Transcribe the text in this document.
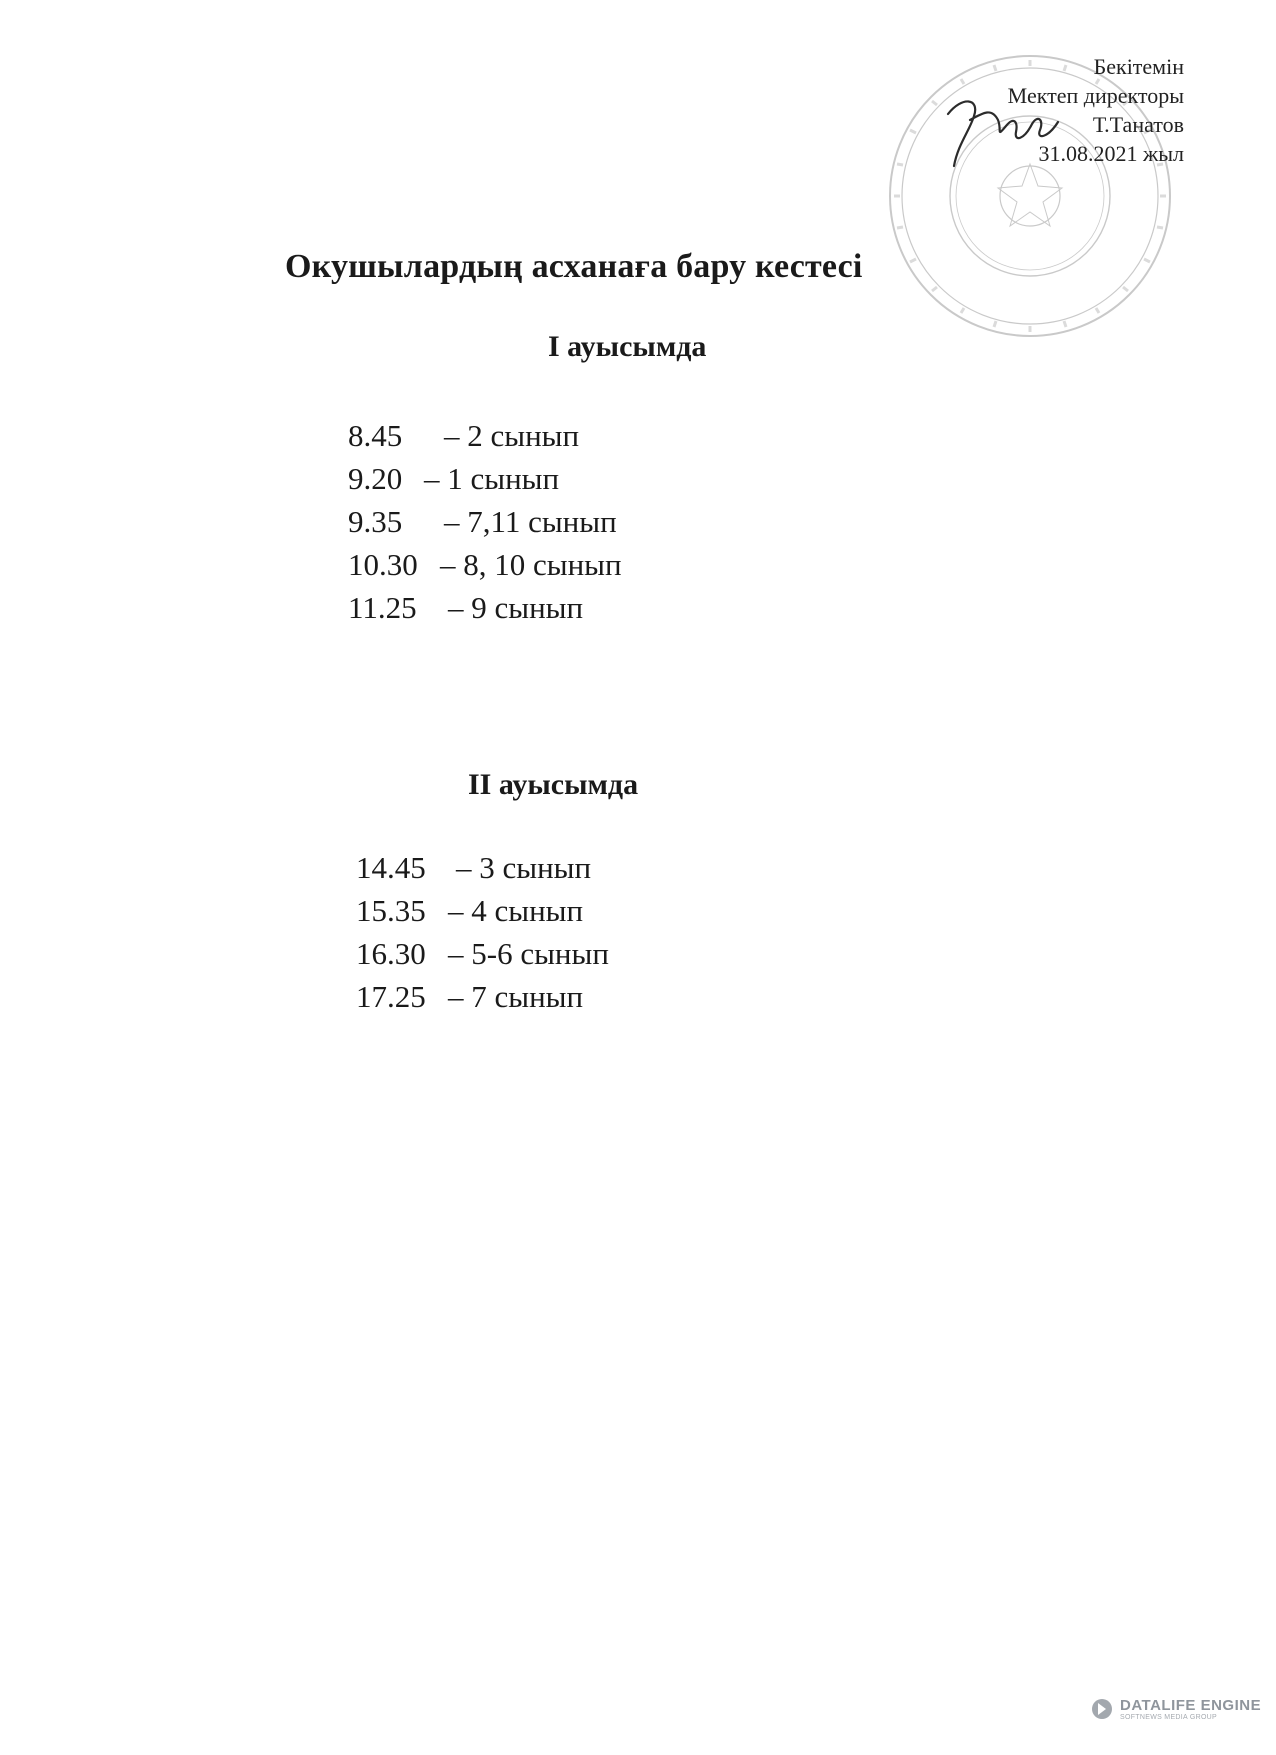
Бекітемін
Мектеп директоры
Т.Танатов
31.08.2021 жыл
Окушылардың асханаға бару кестесі
I ауысымда
8.45 – 2 сынып
9.20 – 1 сынып
9.35 – 7,11 сынып
10.30 – 8, 10 сынып
11.25 – 9 сынып
II ауысымда
14.45 – 3 сынып
15.35 – 4 сынып
16.30 – 5-6 сынып
17.25 – 7 сынып
DATALIFE ENGINE
SOFTNEWS MEDIA GROUP
